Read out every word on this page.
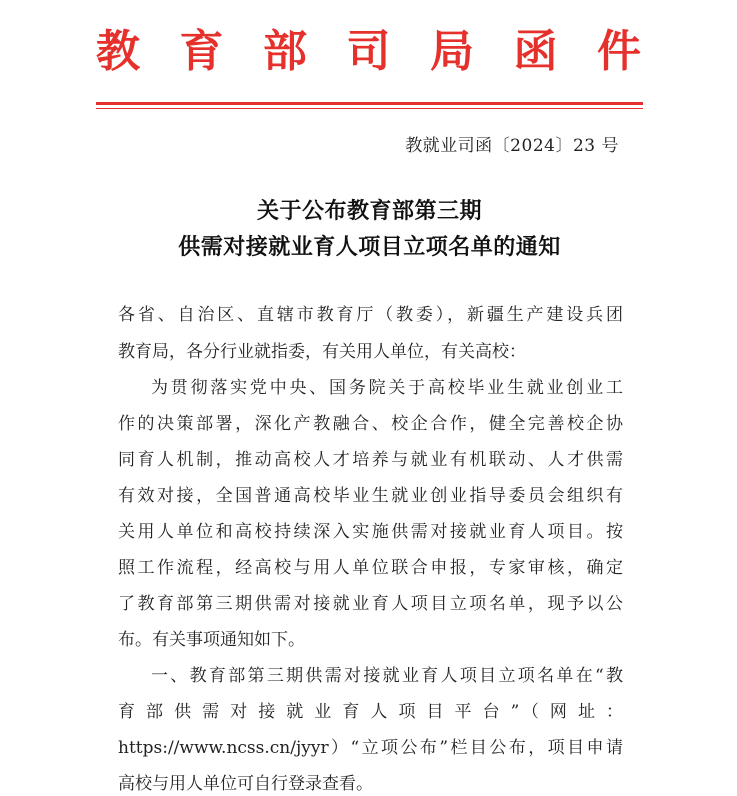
教 育 部 司 局 函 件
教就业司函〔2024〕23 号
关于公布教育部第三期
供需对接就业育人项目立项名单的通知
各省、自治区、直辖市教育厅（教委），新疆生产建设兵团
教育局，各分行业就指委，有关用人单位，有关高校：
为贯彻落实党中央、国务院关于高校毕业生就业创业工
作的决策部署，深化产教融合、校企合作，健全完善校企协
同育人机制，推动高校人才培养与就业有机联动、人才供需
有效对接，全国普通高校毕业生就业创业指导委员会组织有
关用人单位和高校持续深入实施供需对接就业育人项目。按
照工作流程，经高校与用人单位联合申报，专家审核，确定
了教育部第三期供需对接就业育人项目立项名单，现予以公
布。有关事项通知如下。
一、教育部第三期供需对接就业育人项目立项名单在“教
育部供需对接就业育人项目平台”（网址：
https://www.ncss.cn/jyyr）“立项公布”栏目公布，项目申请
高校与用人单位可自行登录查看。
